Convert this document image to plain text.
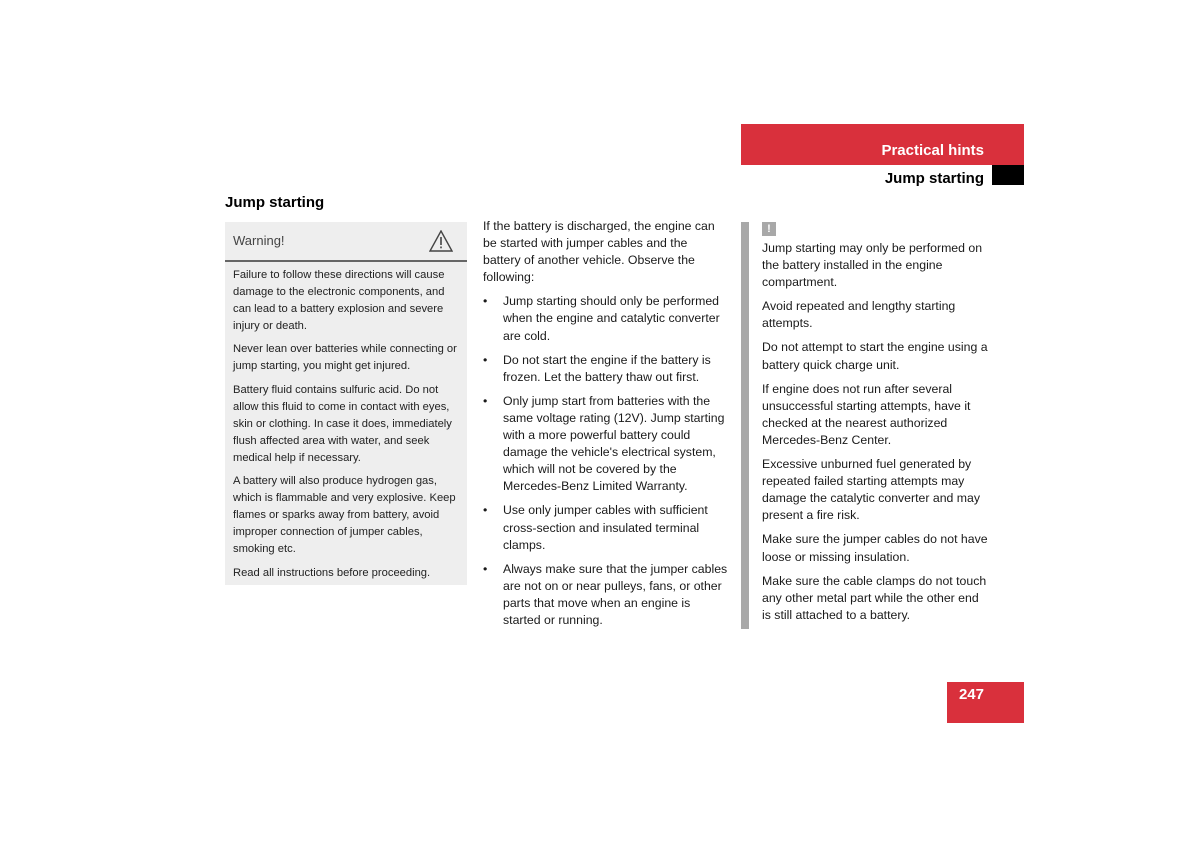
Practical hints
Jump starting
Jump starting
Warning!

Failure to follow these directions will cause damage to the electronic components, and can lead to a battery explosion and severe injury or death.

Never lean over batteries while connecting or jump starting, you might get injured.

Battery fluid contains sulfuric acid. Do not allow this fluid to come in contact with eyes, skin or clothing. In case it does, immediately flush affected area with water, and seek medical help if necessary.

A battery will also produce hydrogen gas, which is flammable and very explosive. Keep flames or sparks away from battery, avoid improper connection of jumper cables, smoking etc.

Read all instructions before proceeding.

If the battery is discharged, the engine can be started with jumper cables and the battery of another vehicle. Observe the following:

• Jump starting should only be performed when the engine and catalytic converter are cold.
• Do not start the engine if the battery is frozen. Let the battery thaw out first.
• Only jump start from batteries with the same voltage rating (12V). Jump starting with a more powerful battery could damage the vehicle's electrical system, which will not be covered by the Mercedes-Benz Limited Warranty.
• Use only jumper cables with sufficient cross-section and insulated terminal clamps.
• Always make sure that the jumper cables are not on or near pulleys, fans, or other parts that move when an engine is started or running.
!

Jump starting may only be performed on the battery installed in the engine compartment.

Avoid repeated and lengthy starting attempts.

Do not attempt to start the engine using a battery quick charge unit.

If engine does not run after several unsuccessful starting attempts, have it checked at the nearest authorized Mercedes-Benz Center.

Excessive unburned fuel generated by repeated failed starting attempts may damage the catalytic converter and may present a fire risk.

Make sure the jumper cables do not have loose or missing insulation.

Make sure the cable clamps do not touch any other metal part while the other end is still attached to a battery.

247
